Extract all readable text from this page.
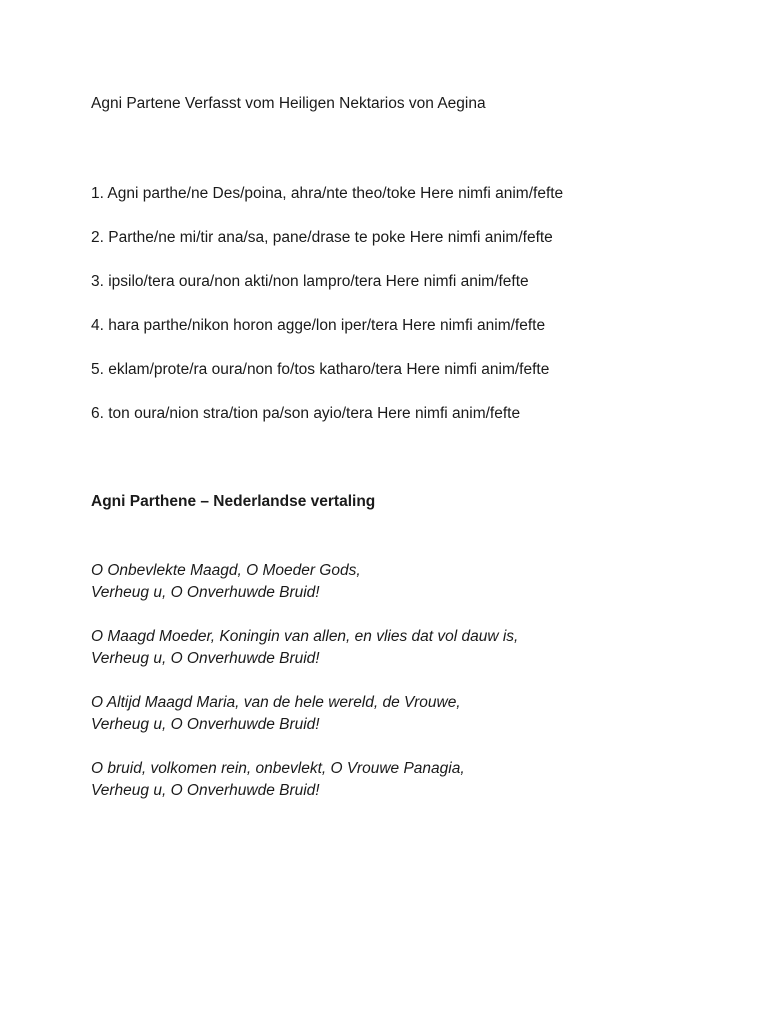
Agni Partene Verfasst vom Heiligen Nektarios von Aegina

1. Agni parthe/ne Des/poina, ahra/nte theo/toke Here nimfi anim/fefte
2. Parthe/ne mi/tir ana/sa, pane/drase te poke Here nimfi anim/fefte
3. ipsilo/tera oura/non akti/non lampro/tera Here nimfi anim/fefte
4. hara parthe/nikon horon agge/lon iper/tera Here nimfi anim/fefte
5. eklam/prote/ra oura/non fo/tos katharo/tera Here nimfi anim/fefte
6. ton oura/nion stra/tion pa/son ayio/tera Here nimfi anim/fefte
Agni Parthene – Nederlandse vertaling
O Onbevlekte Maagd, O Moeder Gods,
Verheug u, O Onverhuwde Bruid!
O Maagd Moeder, Koningin van allen, en vlies dat vol dauw is,
Verheug u, O Onverhuwde Bruid!
O Altijd Maagd Maria, van de hele wereld, de Vrouwe,
Verheug u, O Onverhuwde Bruid!
O bruid, volkomen rein, onbevlekt, O Vrouwe Panagia,
Verheug u, O Onverhuwde Bruid!
